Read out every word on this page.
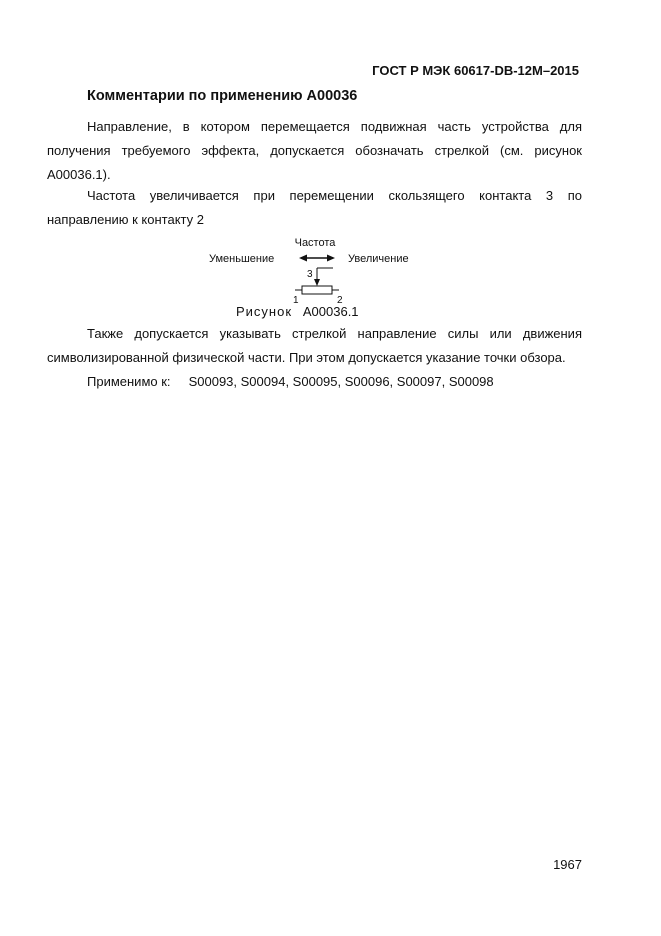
ГОСТ Р МЭК 60617-DB-12M–2015
Комментарии по применению А00036
Направление, в котором перемещается подвижная часть устройства для получения требуемого эффекта, допускается обозначать стрелкой (см. рисунок А00036.1).
Частота увеличивается при перемещении скользящего контакта 3 по направлению к контакту 2
Частота
Уменьшение	Увеличение
3
1	2
Рисунок А00036.1
Также допускается указывать стрелкой направление силы или движения символизированной физической части. При этом допускается указание точки обзора.
Применимо к: S00093, S00094, S00095, S00096, S00097, S00098
1967
